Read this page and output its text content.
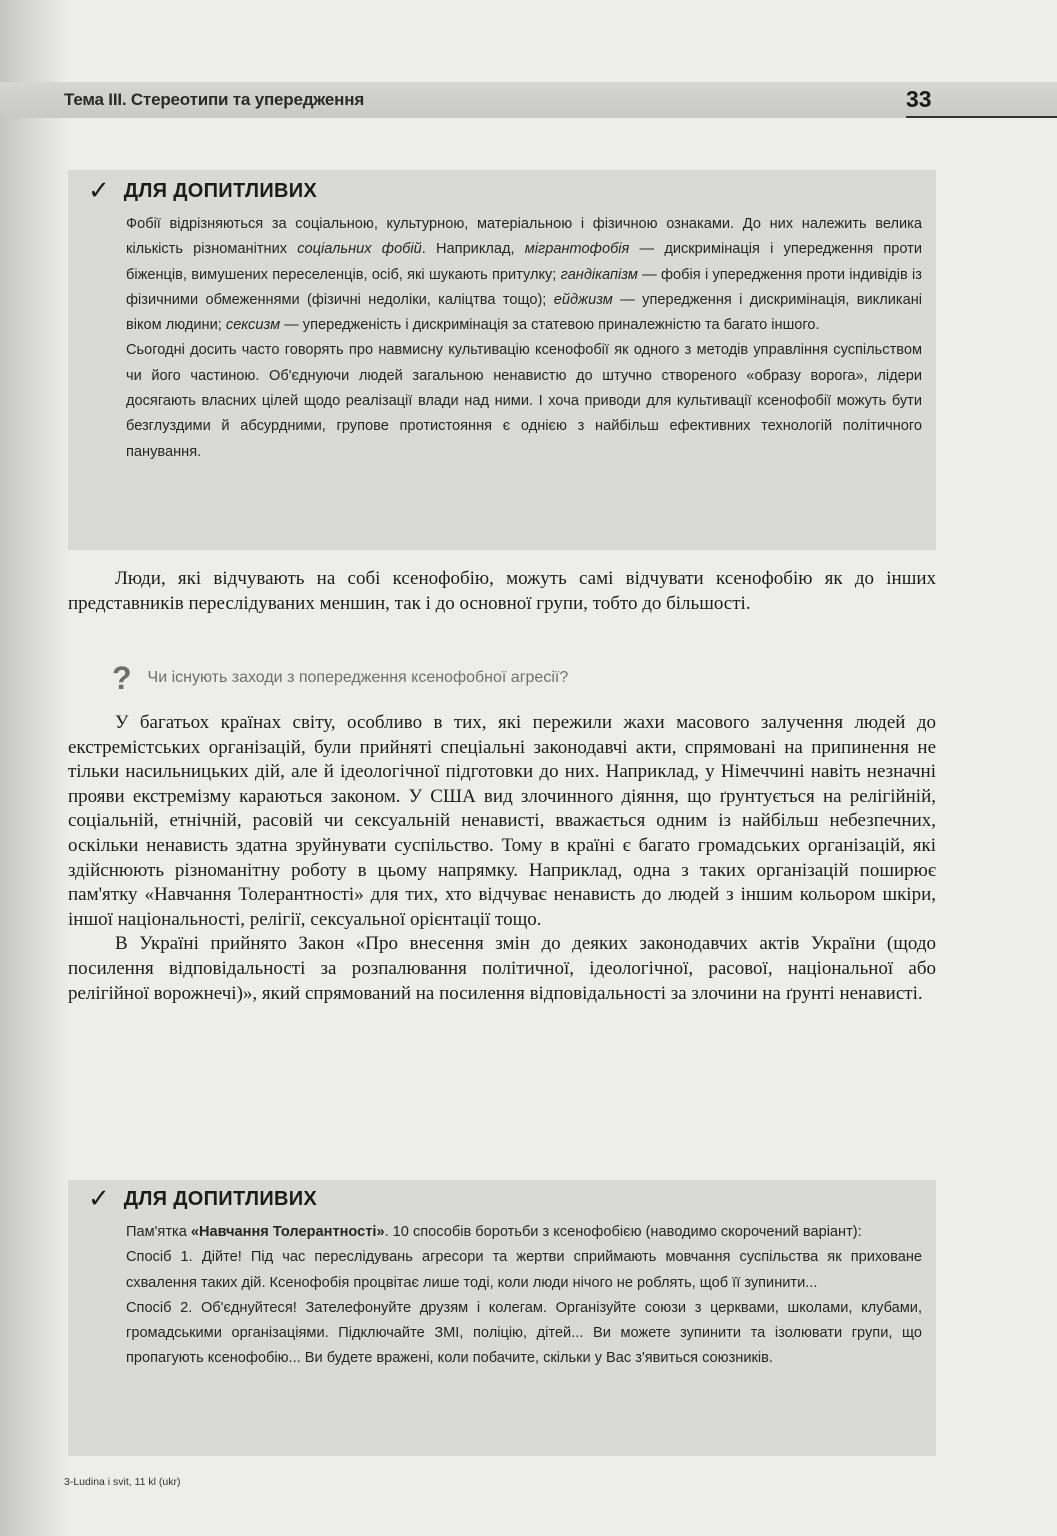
Тема III. Стереотипи та упередження	33
✓ ДЛЯ ДОПИТЛИВИХ

Фобії відрізняються за соціальною, культурною, матеріальною і фізичною ознаками. До них належить велика кількість різноманітних соціальних фобій. Наприклад, мігрантофобія — дискримінація і упередження проти біженців, вимушених переселенців, осіб, які шукають притулку; гандікапізм — фобія і упередження проти індивідів із фізичними обмеженнями (фізичні недоліки, каліцтва тощо); ейджизм — упередження і дискримінація, викликані віком людини; сексизм — упередженість і дискримінація за статевою приналежністю та багато іншого.

Сьогодні досить часто говорять про навмисну культивацію ксенофобії як одного з методів управління суспільством чи його частиною. Об'єднуючи людей загальною ненавистю до штучно створеного «образу ворога», лідери досягають власних цілей щодо реалізації влади над ними. І хоча приводи для культивації ксенофобії можуть бути безглуздими й абсурдними, групове протистояння є однією з найбільш ефективних технологій політичного панування.

Люди, які відчувають на собі ксенофобію, можуть самі відчувати ксенофобію як до інших представників переслідуваних меншин, так і до основної групи, тобто до більшості.

? Чи існують заходи з попередження ксенофобної агресії?

У багатьох країнах світу, особливо в тих, які пережили жахи масового залучення людей до екстремістських організацій, були прийняті спеціальні законодавчі акти, спрямовані на припинення не тільки насильницьких дій, але й ідеологічної підготовки до них. Наприклад, у Німеччині навіть незначні прояви екстремізму караються законом. У США вид злочинного діяння, що ґрунтується на релігійній, соціальній, етнічній, расовій чи сексуальній ненависті, вважається одним із найбільш небезпечних, оскільки ненависть здатна зруйнувати суспільство. Тому в країні є багато громадських організацій, які здійснюють різноманітну роботу в цьому напрямку. Наприклад, одна з таких організацій поширює пам'ятку «Навчання Толерантності» для тих, хто відчуває ненависть до людей з іншим кольором шкіри, іншої національності, релігії, сексуальної орієнтації тощо.

В Україні прийнято Закон «Про внесення змін до деяких законодавчих актів України (щодо посилення відповідальності за розпалювання політичної, ідеологічної, расової, національної або релігійної ворожнечі)», який спрямований на посилення відповідальності за злочини на ґрунті ненависті.

✓ ДЛЯ ДОПИТЛИВИХ

Пам'ятка «Навчання Толерантності». 10 способів боротьби з ксенофобією (наводимо скорочений варіант):

Спосіб 1. Дійте! Під час переслідувань агресори та жертви сприймають мовчання суспільства як приховане схвалення таких дій. Ксенофобія процвітає лише тоді, коли люди нічого не роблять, щоб її зупинити...

Спосіб 2. Об'єднуйтеся! Зателефонуйте друзям і колегам. Організуйте союзи з церквами, школами, клубами, громадськими організаціями. Підключайте ЗМІ, поліцію, дітей... Ви можете зупинити та ізолювати групи, що пропагують ксенофобію... Ви будете вражені, коли побачите, скільки у Вас з'явиться союзників.

3-Ludina i svit, 11 kl (ukr)
